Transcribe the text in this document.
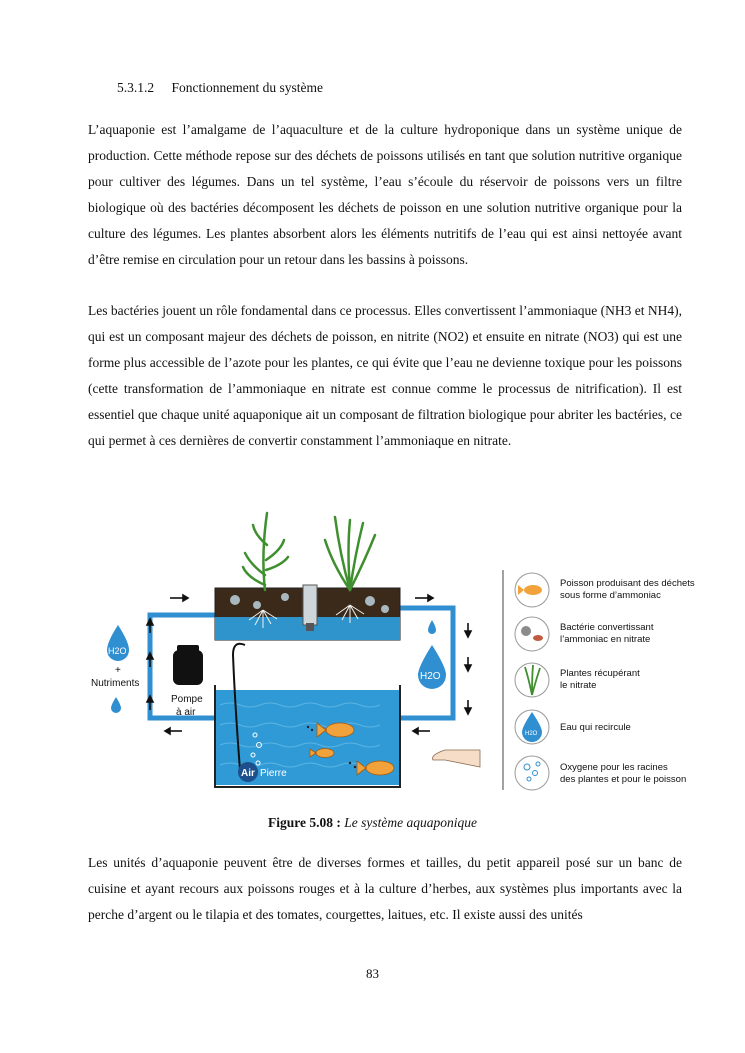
5.3.1.2 Fonctionnement du système

L’aquaponie est l’amalgame de l’aquaculture et de la culture hydroponique dans un système unique de production. Cette méthode repose sur des déchets de poissons utilisés en tant que solution nutritive organique pour cultiver des légumes. Dans un tel système, l’eau s’écoule du réservoir de poissons vers un filtre biologique où des bactéries décomposent les déchets de poisson en une solution nutritive organique pour la culture des légumes. Les plantes absorbent alors les éléments nutritifs de l’eau qui est ainsi nettoyée avant d’être remise en circulation pour un retour dans les bassins à poissons.

Les bactéries jouent un rôle fondamental dans ce processus. Elles convertissent l’ammoniaque (NH3 et NH4), qui est un composant majeur des déchets de poisson, en nitrite (NO2) et ensuite en nitrate (NO3) qui est une forme plus accessible de l’azote pour les plantes, ce qui évite que l’eau ne devienne toxique pour les poissons (cette transformation de l’ammoniaque en nitrate est connue comme le processus de nitrification). Il est essentiel que chaque unité aquaponique ait un composant de filtration biologique pour abriter les bactéries, ce qui permet à ces dernières de convertir constamment l’ammoniaque en nitrate.

Air Pierre
Pompe
à air
H2O
+
Nutriments
H2O
Poisson produisant des déchets
sous forme d’ammoniac
Bactérie convertissant
l’ammoniac en nitrate
Plantes récupérant
le nitrate
H2O
Eau qui recircule
Oxygene pour les racines
des plantes et pour le poisson
Figure 5.08 : Le système aquaponique

Les unités d’aquaponie peuvent être de diverses formes et tailles, du petit appareil posé sur un banc de cuisine et ayant recours aux poissons rouges et à la culture d’herbes, aux systèmes plus importants avec la perche d’argent ou le tilapia et des tomates, courgettes, laitues, etc. Il existe aussi des unités

83
